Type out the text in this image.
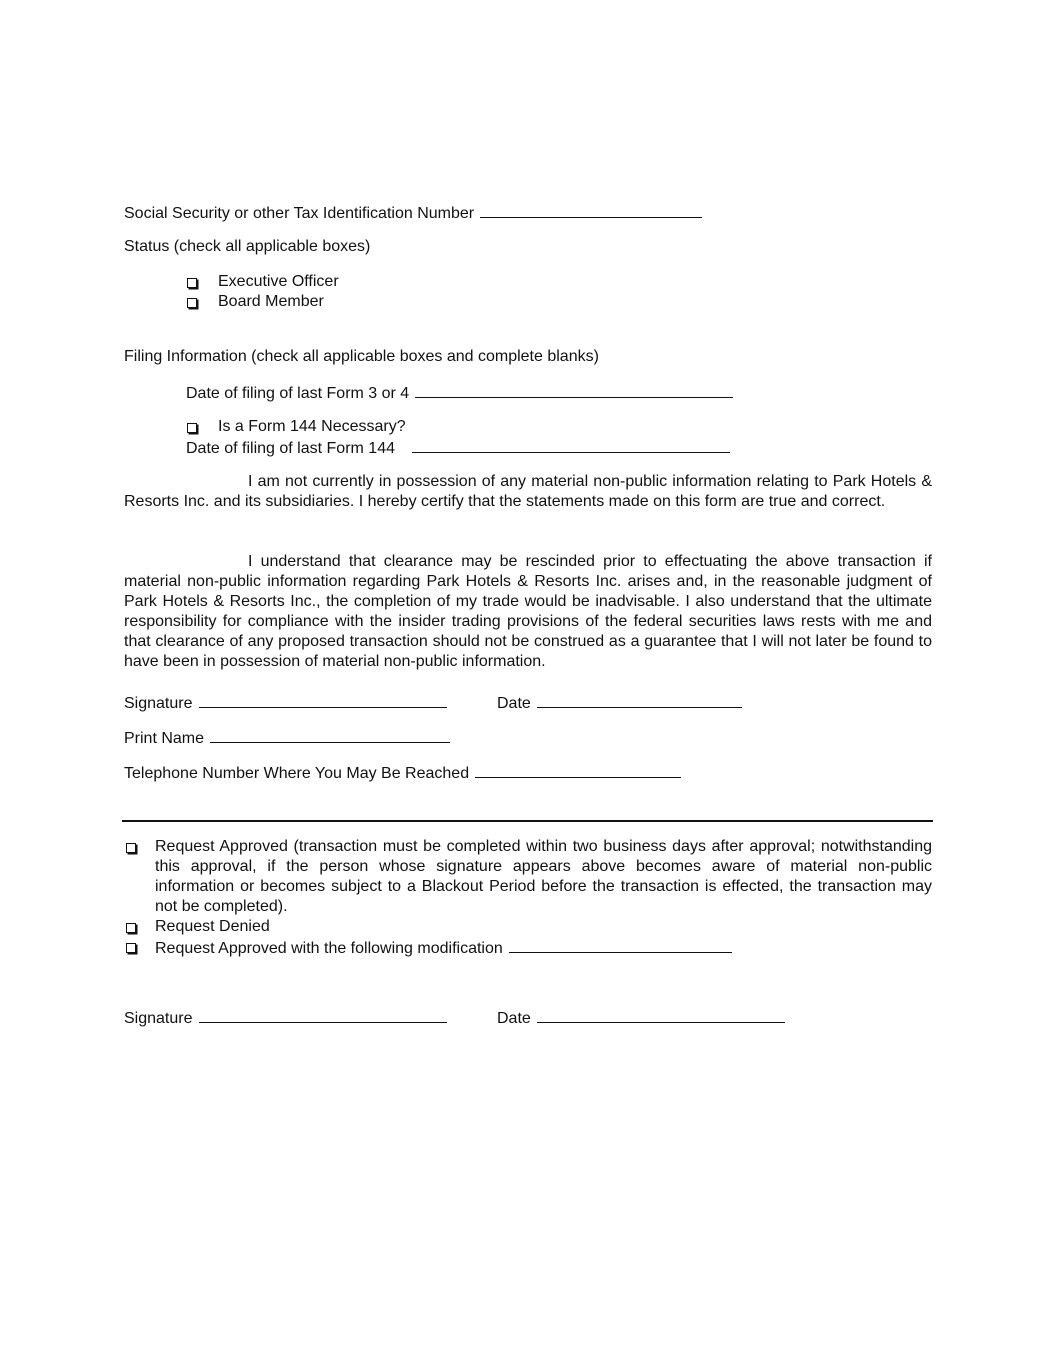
Social Security or other Tax Identification Number
Status (check all applicable boxes)
Executive Officer
Board Member
Filing Information (check all applicable boxes and complete blanks)
Date of filing of last Form 3 or 4
Is a Form 144 Necessary?
Date of filing of last Form 144
I am not currently in possession of any material non-public information relating to Park Hotels & Resorts Inc. and its subsidiaries. I hereby certify that the statements made on this form are true and correct.
I understand that clearance may be rescinded prior to effectuating the above transaction if material non-public information regarding Park Hotels & Resorts Inc. arises and, in the reasonable judgment of Park Hotels & Resorts Inc., the completion of my trade would be inadvisable. I also understand that the ultimate responsibility for compliance with the insider trading provisions of the federal securities laws rests with me and that clearance of any proposed transaction should not be construed as a guarantee that I will not later be found to have been in possession of material non-public information.
Signature	Date
Print Name
Telephone Number Where You May Be Reached
Request Approved (transaction must be completed within two business days after approval; notwithstanding this approval, if the person whose signature appears above becomes aware of material non-public information or becomes subject to a Blackout Period before the transaction is effected, the transaction may not be completed).
Request Denied
Request Approved with the following modification
Signature	Date
